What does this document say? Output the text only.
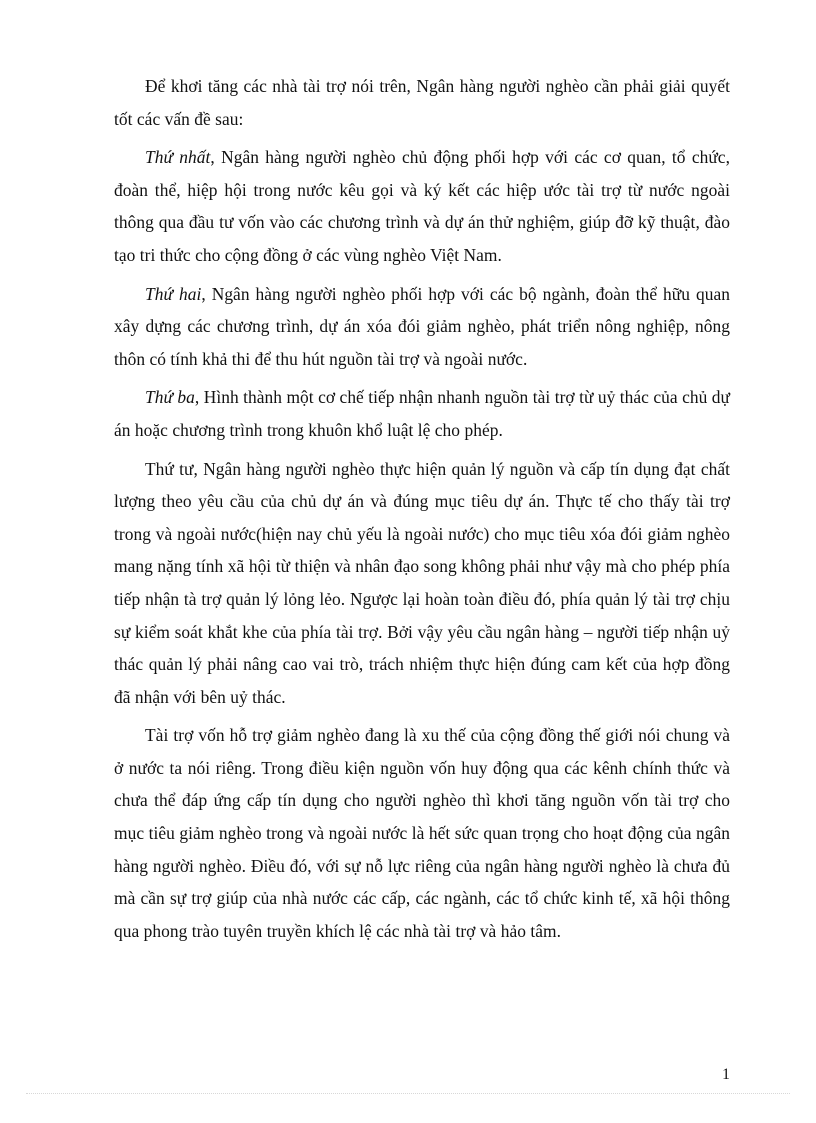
Để khơi tăng các nhà tài trợ nói trên, Ngân hàng người nghèo cần phải giải quyết tốt các vấn đề sau:

Thứ nhất, Ngân hàng người nghèo chủ động phối hợp với các cơ quan, tổ chức, đoàn thể, hiệp hội trong nước kêu gọi và ký kết các hiệp ước tài trợ từ nước ngoài thông qua đầu tư vốn vào các chương trình và dự án thử nghiệm, giúp đỡ kỹ thuật, đào tạo tri thức cho cộng đồng ở các vùng nghèo Việt Nam.

Thứ hai, Ngân hàng người nghèo phối hợp với các bộ ngành, đoàn thể hữu quan xây dựng các chương trình, dự án xóa đói giảm nghèo, phát triển nông nghiệp, nông thôn có tính khả thi để thu hút nguồn tài trợ và ngoài nước.

Thứ ba, Hình thành một cơ chế tiếp nhận nhanh nguồn tài trợ từ uỷ thác của chủ dự án hoặc chương trình trong khuôn khổ luật lệ cho phép.

Thứ tư, Ngân hàng người nghèo thực hiện quản lý nguồn và cấp tín dụng đạt chất lượng theo yêu cầu của chủ dự án và đúng mục tiêu dự án. Thực tế cho thấy tài trợ trong và ngoài nước(hiện nay chủ yếu là ngoài nước) cho mục tiêu xóa đói giảm nghèo mang nặng tính xã hội từ thiện và nhân đạo song không phải như vậy mà cho phép phía tiếp nhận tà trợ quản lý lỏng lẻo. Ngược lại hoàn toàn điều đó, phía quản lý tài trợ chịu sự kiểm soát khắt khe của phía tài trợ. Bởi vậy yêu cầu ngân hàng – người tiếp nhận uỷ thác quản lý phải nâng cao vai trò, trách nhiệm thực hiện đúng cam kết của hợp đồng đã nhận với bên uỷ thác.

Tài trợ vốn hỗ trợ giảm nghèo đang là xu thế của cộng đồng thế giới nói chung và ở nước ta nói riêng. Trong điều kiện nguồn vốn huy động qua các kênh chính thức và chưa thể đáp ứng cấp tín dụng cho người nghèo thì khơi tăng nguồn vốn tài trợ cho mục tiêu giảm nghèo trong và ngoài nước là hết sức quan trọng cho hoạt động của ngân hàng người nghèo. Điều đó, với sự nỗ lực riêng của ngân hàng người nghèo là chưa đủ mà cần sự trợ giúp của nhà nước các cấp, các ngành, các tổ chức kinh tế, xã hội thông qua phong trào tuyên truyền khích lệ các nhà tài trợ và hảo tâm.

1
